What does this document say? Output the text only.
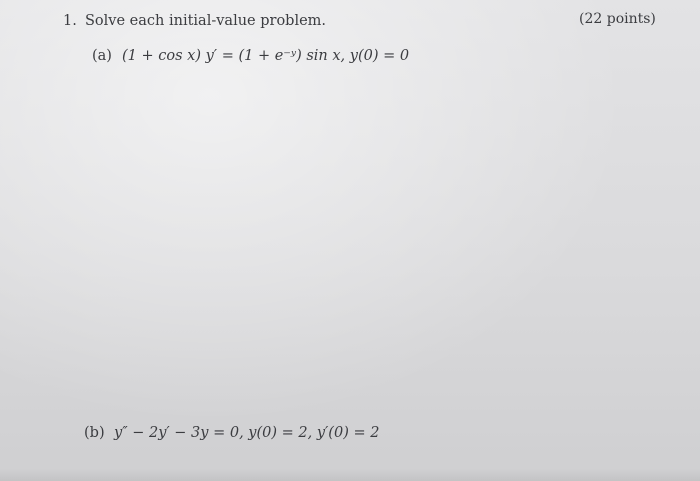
1. Solve each initial-value problem.	(22 points)
(a) (1 + cos x) y′ = (1 + e⁻ʸ) sin x, y(0) = 0
(b) y″ − 2y′ − 3y = 0, y(0) = 2, y′(0) = 2
